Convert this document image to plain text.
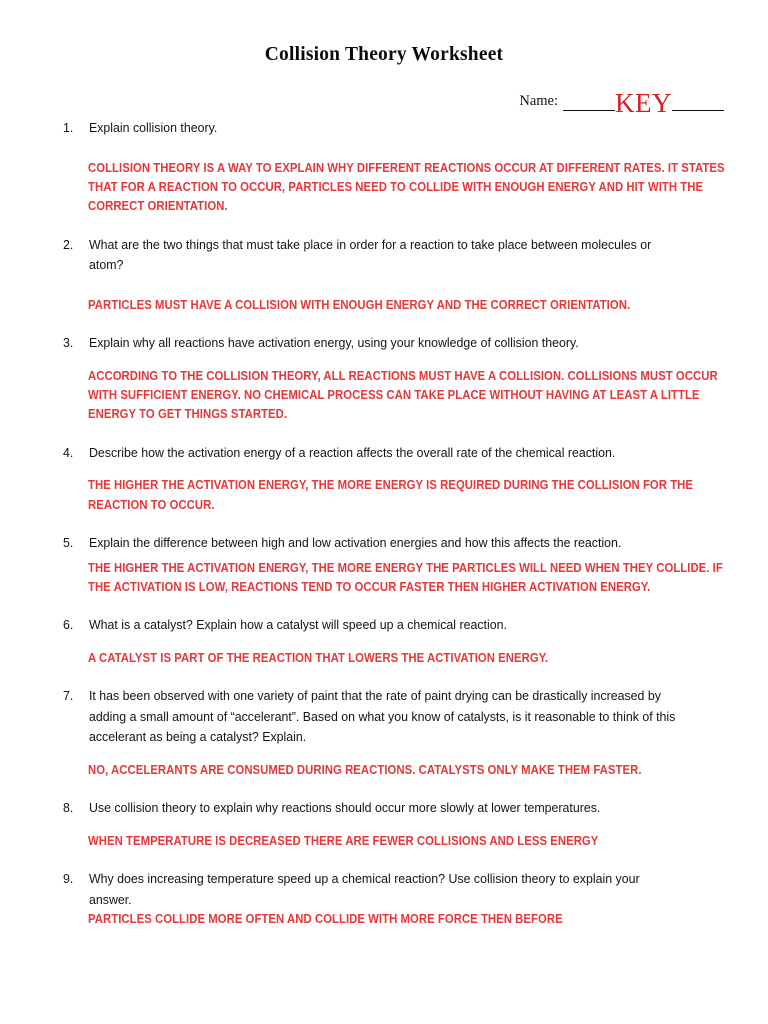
Collision Theory Worksheet
Name: KEY
1.	Explain collision theory.
COLLISION THEORY IS A WAY TO EXPLAIN WHY DIFFERENT REACTIONS OCCUR AT DIFFERENT RATES. IT STATES THAT FOR A REACTION TO OCCUR, PARTICLES NEED TO COLLIDE WITH ENOUGH ENERGY AND HIT WITH THE CORRECT ORIENTATION.
2.	What are the two things that must take place in order for a reaction to take place between molecules or atom?
PARTICLES MUST HAVE A COLLISION WITH ENOUGH ENERGY AND THE CORRECT ORIENTATION.
3.	Explain why all reactions have activation energy, using your knowledge of collision theory.
ACCORDING TO THE COLLISION THEORY, ALL REACTIONS MUST HAVE A COLLISION. COLLISIONS MUST OCCUR WITH SUFFICIENT ENERGY. NO CHEMICAL PROCESS CAN TAKE PLACE WITHOUT HAVING AT LEAST A LITTLE ENERGY TO GET THINGS STARTED.
4.	Describe how the activation energy of a reaction affects the overall rate of the chemical reaction.
THE HIGHER THE ACTIVATION ENERGY, THE MORE ENERGY IS REQUIRED DURING THE COLLISION FOR THE REACTION TO OCCUR.
5.	Explain the difference between high and low activation energies and how this affects the reaction.
THE HIGHER THE ACTIVATION ENERGY, THE MORE ENERGY THE PARTICLES WILL NEED WHEN THEY COLLIDE. IF THE ACTIVATION IS LOW, REACTIONS TEND TO OCCUR FASTER THEN HIGHER ACTIVATION ENERGY.
6.	What is a catalyst? Explain how a catalyst will speed up a chemical reaction.
A CATALYST IS PART OF THE REACTION THAT LOWERS THE ACTIVATION ENERGY.
7.	It has been observed with one variety of paint that the rate of paint drying can be drastically increased by adding a small amount of “accelerant”. Based on what you know of catalysts, is it reasonable to think of this accelerant as being a catalyst? Explain.
NO, ACCELERANTS ARE CONSUMED DURING REACTIONS. CATALYSTS ONLY MAKE THEM FASTER.
8.	Use collision theory to explain why reactions should occur more slowly at lower temperatures.
WHEN TEMPERATURE IS DECREASED THERE ARE FEWER COLLISIONS AND LESS ENERGY
9.	Why does increasing temperature speed up a chemical reaction? Use collision theory to explain your answer.
PARTICLES COLLIDE MORE OFTEN AND COLLIDE WITH MORE FORCE THEN BEFORE
